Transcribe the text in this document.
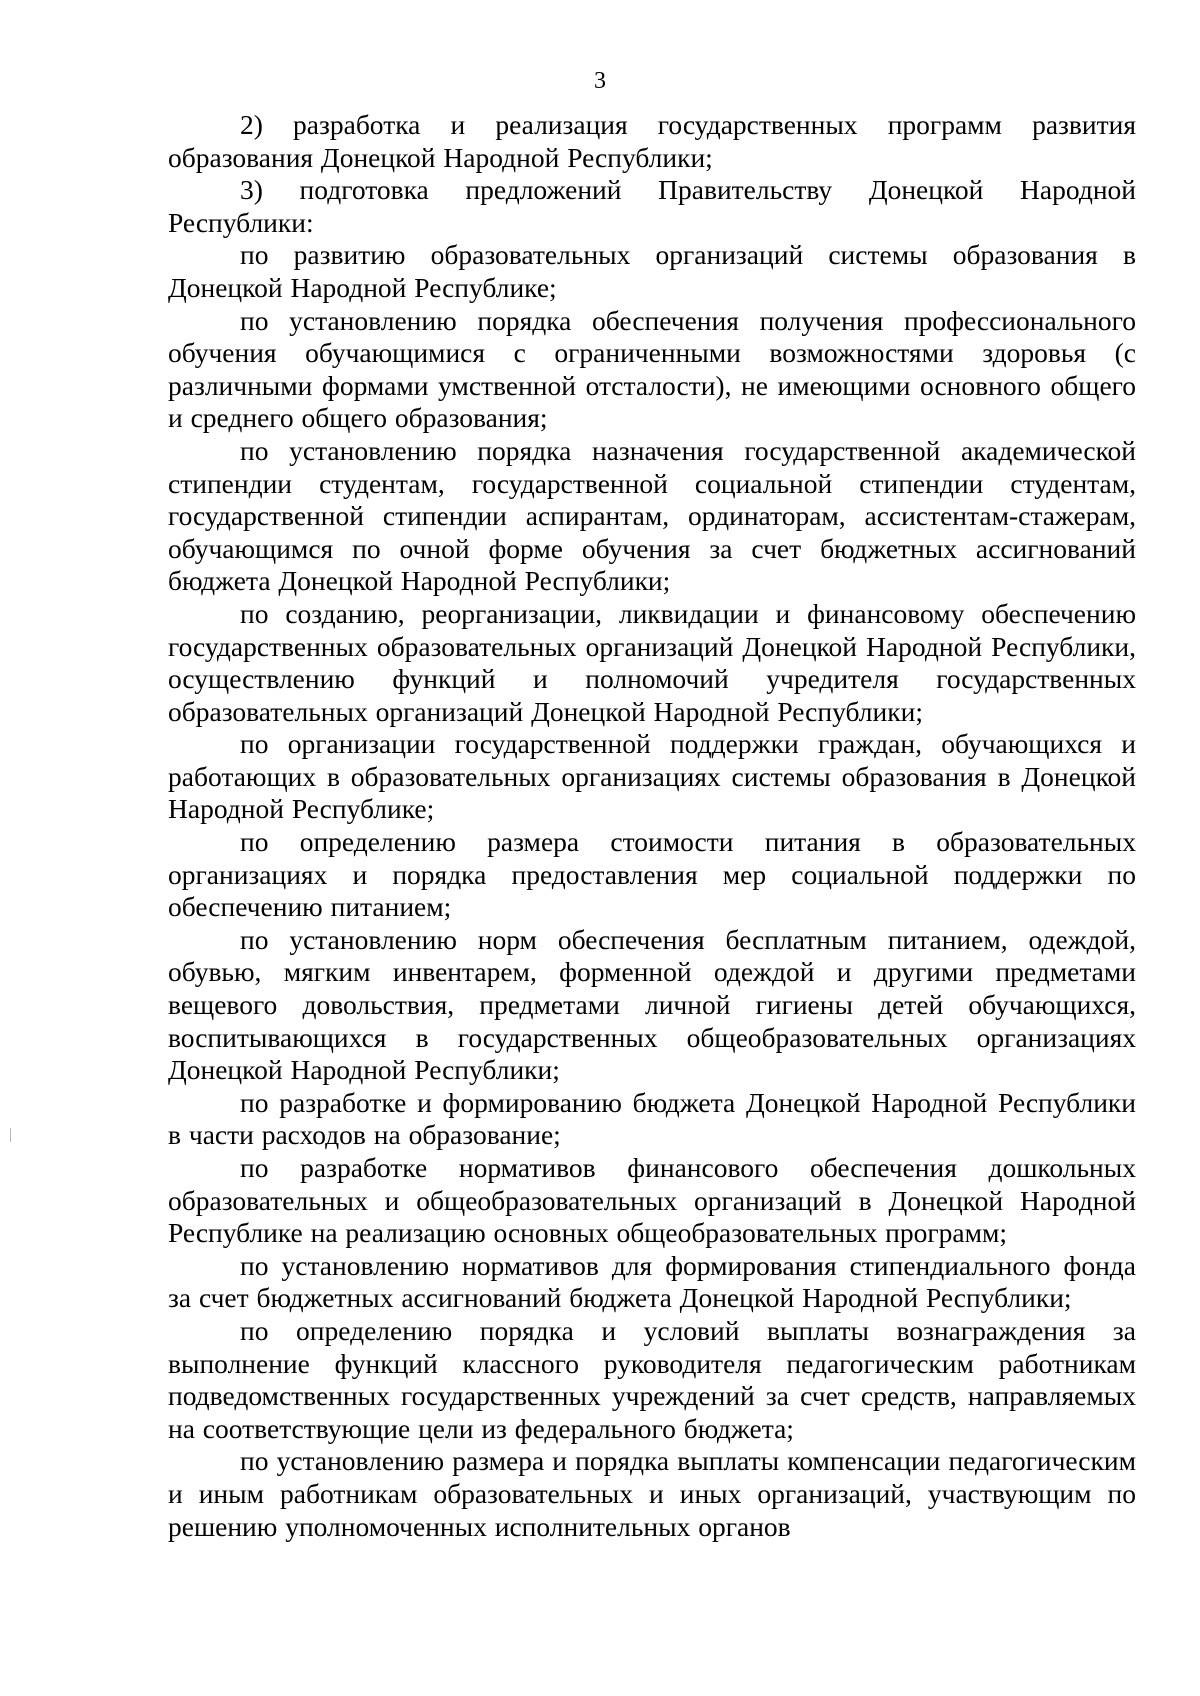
3

2) разработка и реализация государственных программ развития образования Донецкой Народной Республики;

3) подготовка предложений Правительству Донецкой Народной Республики:

по развитию образовательных организаций системы образования в Донецкой Народной Республике;

по установлению порядка обеспечения получения профессионального обучения обучающимися с ограниченными возможностями здоровья (с различными формами умственной отсталости), не имеющими основного общего и среднего общего образования;

по установлению порядка назначения государственной академической стипендии студентам, государственной социальной стипендии студентам, государственной стипендии аспирантам, ординаторам, ассистентам-стажерам, обучающимся по очной форме обучения за счет бюджетных ассигнований бюджета Донецкой Народной Республики;

по созданию, реорганизации, ликвидации и финансовому обеспечению государственных образовательных организаций Донецкой Народной Республики, осуществлению функций и полномочий учредителя государственных образовательных организаций Донецкой Народной Республики;

по организации государственной поддержки граждан, обучающихся и работающих в образовательных организациях системы образования в Донецкой Народной Республике;

по определению размера стоимости питания в образовательных организациях и порядка предоставления мер социальной поддержки по обеспечению питанием;

по установлению норм обеспечения бесплатным питанием, одеждой, обувью, мягким инвентарем, форменной одеждой и другими предметами вещевого довольствия, предметами личной гигиены детей обучающихся, воспитывающихся в государственных общеобразовательных организациях Донецкой Народной Республики;

по разработке и формированию бюджета Донецкой Народной Республики в части расходов на образование;

по разработке нормативов финансового обеспечения дошкольных образовательных и общеобразовательных организаций в Донецкой Народной Республике на реализацию основных общеобразовательных программ;

по установлению нормативов для формирования стипендиального фонда за счет бюджетных ассигнований бюджета Донецкой Народной Республики;

по определению порядка и условий выплаты вознаграждения за выполнение функций классного руководителя педагогическим работникам подведомственных государственных учреждений за счет средств, направляемых на соответствующие цели из федерального бюджета;

по установлению размера и порядка выплаты компенсации педагогическим и иным работникам образовательных и иных организаций, участвующим по решению уполномоченных исполнительных органов
